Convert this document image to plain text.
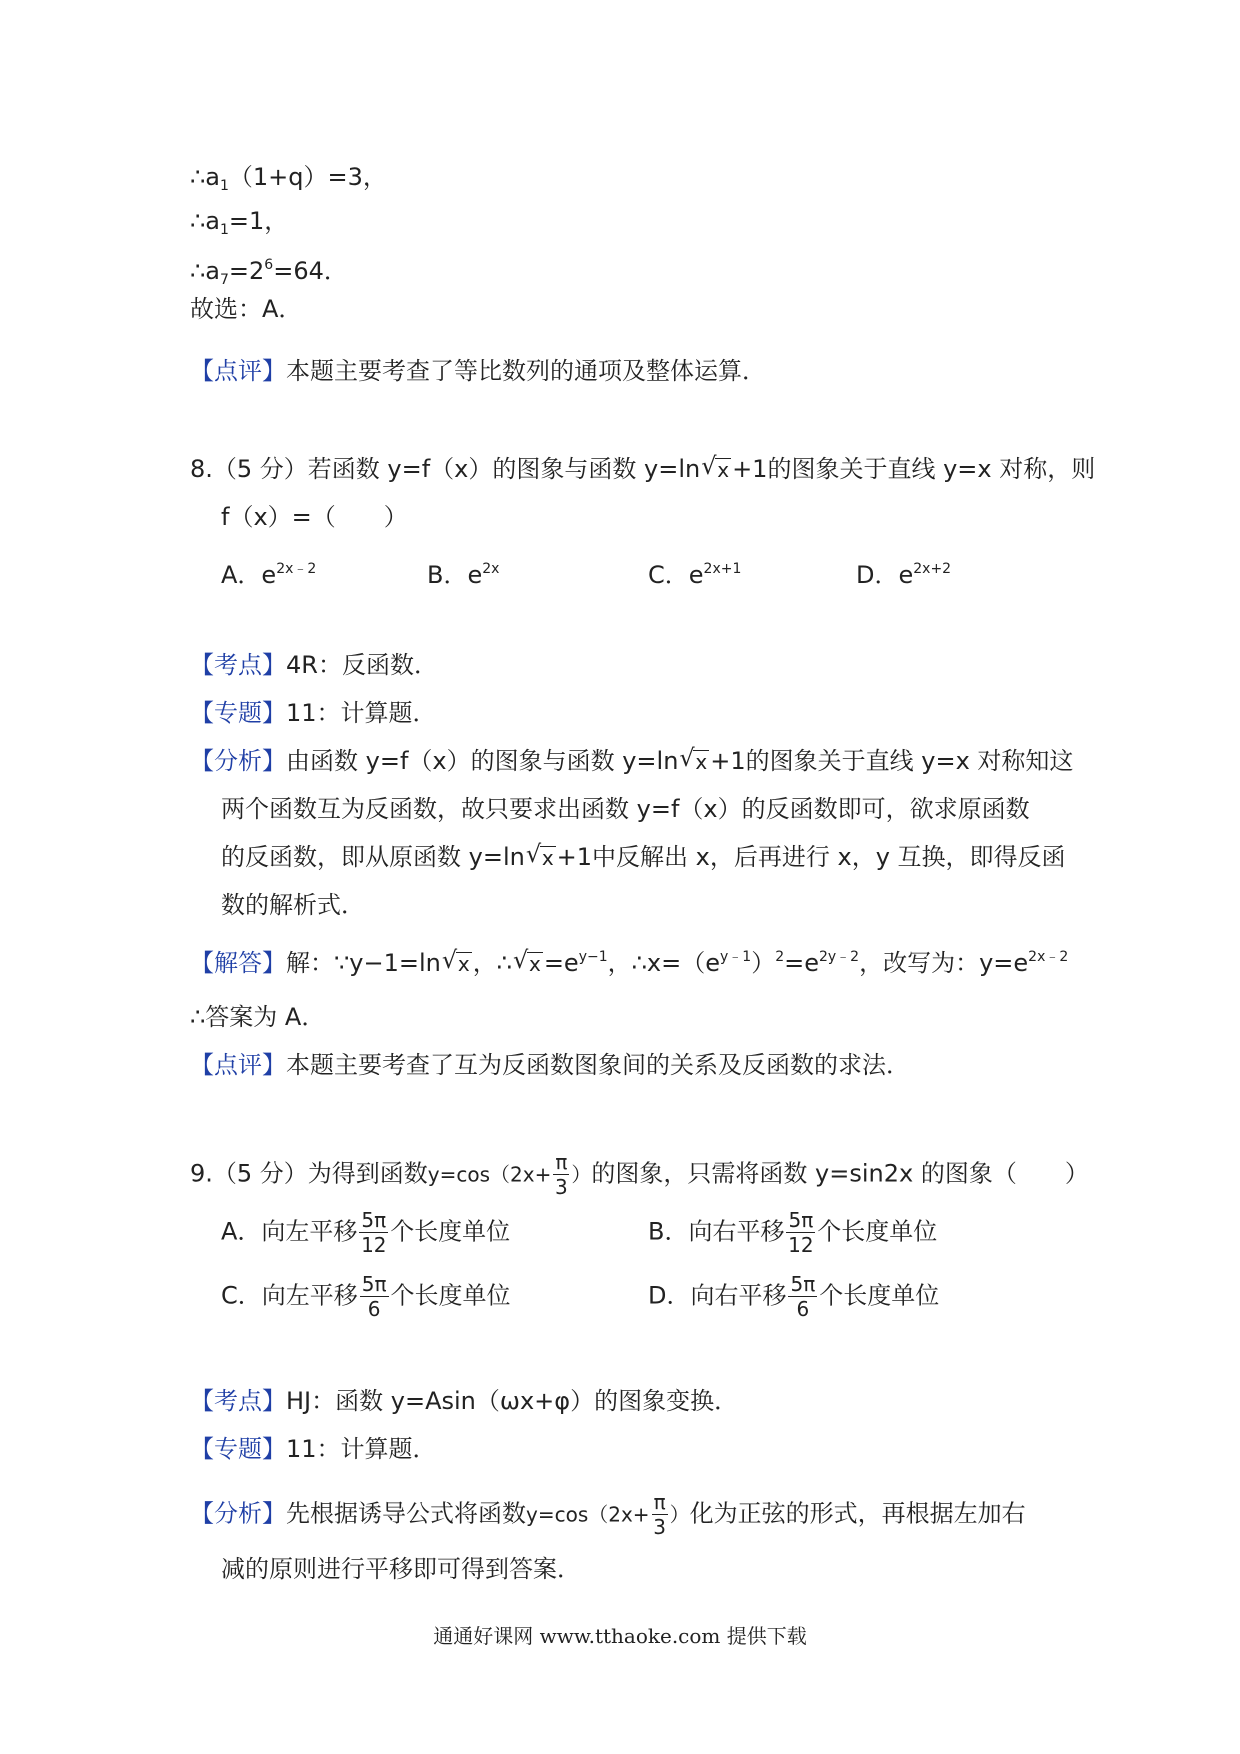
$\therefore a_1(1+q)=3$，
$\therefore a_1=1$，
$\therefore a_7=2^6=64$．
故选：A．
【点评】本题主要考查了等比数列的通项及整体运算．
8.（5 分）若函数 y=f（x）的图象与函数 y=ln √ x +1的图象关于直线 y=x 对称，则
f（x）=（　　）
A．$e^{2x﹣2}$	B．$e^{2x}$	C．$e^{2x+1}$	D．$e^{2x+2}$
【考点】4R：反函数．
【专题】11：计算题．
【分析】由函数 y=f（x）的图象与函数 y=ln √ x +1的图象关于直线 y=x 对称知这
两个函数互为反函数，故只要求出函数 y=f（x）的反函数即可，欲求原函数
的反函数，即从原函数 y=ln √ x +1中反解出 x，后再进行 x，y 互换，即得反函
数的解析式．
【解答】解：∵y−1=ln √ x ，∴ √ $x =e^{y-1}$，$\therefore x=(e^{y﹣1})^2=e^{2y﹣2}$，改写为：$y=e^{2x﹣2}$
∴答案为 A．
【点评】本题主要考查了互为反函数图象间的关系及反函数的求法．
9.（5 分）为得到函数$y=\cos(2x+ \frac{\pi}{3}$ ）的图象，只需将函数 y=sin2x 的图象（　　）
A．向左平移 $\frac{5\pi}{12}$ 个长度单位	B．向右平移 $\frac{5\pi}{12}$ 个长度单位
C．向左平移 $\frac{5\pi}{6}$ 个长度单位	D．向右平移 $\frac{5\pi}{6}$ 个长度单位
【考点】HJ：函数 y=Asin（ωx+φ）的图象变换．
【专题】11：计算题．
【分析】先根据诱导公式将函数$y=\cos(2x+ \frac{\pi}{3}$ ）化为正弦的形式，再根据左加右
减的原则进行平移即可得到答案．
通通好课网 www.tthaoke.com 提供下载
